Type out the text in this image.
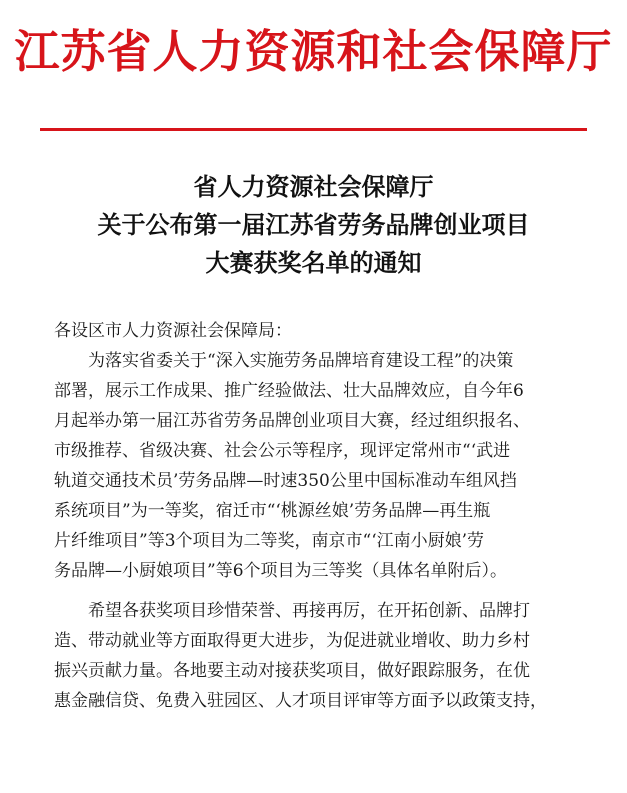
江苏省人力资源和社会保障厅
省人力资源社会保障厅
关于公布第一届江苏省劳务品牌创业项目
大赛获奖名单的通知
各设区市人力资源社会保障局：
为落实省委关于“深入实施劳务品牌培育建设工程”的决策
部署，展示工作成果、推广经验做法、壮大品牌效应，自今年6
月起举办第一届江苏省劳务品牌创业项目大赛，经过组织报名、
市级推荐、省级决赛、社会公示等程序，现评定常州市“‘武进
轨道交通技术员’劳务品牌—时速350公里中国标准动车组风挡
系统项目”为一等奖，宿迁市“‘桃源丝娘’劳务品牌—再生瓶
片纤维项目”等3个项目为二等奖，南京市“‘江南小厨娘’劳
务品牌—小厨娘项目”等6个项目为三等奖（具体名单附后）。
希望各获奖项目珍惜荣誉、再接再厉，在开拓创新、品牌打
造、带动就业等方面取得更大进步，为促进就业增收、助力乡村
振兴贡献力量。各地要主动对接获奖项目，做好跟踪服务，在优
惠金融信贷、免费入驻园区、人才项目评审等方面予以政策支持，
